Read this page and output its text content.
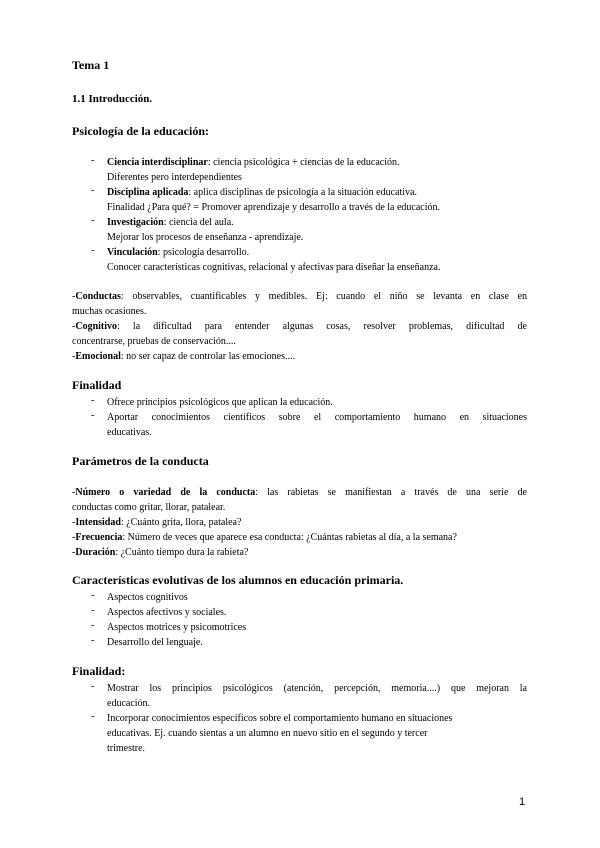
Tema 1
1.1 Introducción.
Psicología de la educación:
- Ciencia interdisciplinar: ciencia psicológica + ciencias de la educación.
Diferentes pero interdependientes
- Disciplina aplicada: aplica disciplinas de psicología a la situación educativa.
Finalidad ¿Para qué? = Promover aprendizaje y desarrollo a través de la educación.
- Investigación: ciencia del aula.
Mejorar los procesos de enseñanza - aprendizaje.
- Vinculación: psicología desarrollo.
Conocer características cognitivas, relacional y afectivas para diseñar la enseñanza.
-Conductas: observables, cuantificables y medibles. Ej: cuando el niño se levanta en clase en
muchas ocasiones.
-Cognitivo: la dificultad para entender algunas cosas, resolver problemas, dificultad de
concentrarse, pruebas de conservación....
-Emocional: no ser capaz de controlar las emociones....
Finalidad
- Ofrece principios psicológicos que aplican la educación.
- Aportar conocimientos científicos sobre el comportamiento humano en situaciones
educativas.
Parámetros de la conducta
-Número o variedad de la conducta: las rabietas se manifiestan a través de una serie de
conductas como gritar, llorar, patalear.
-Intensidad: ¿Cuánto grita, llora, patalea?
-Frecuencia: Número de veces que aparece esa conducta: ¿Cuántas rabietas al día, a la semana?
-Duración: ¿Cuánto tiempo dura la rabieta?
Características evolutivas de los alumnos en educación primaria.
- Aspectos cognitivos
- Aspectos afectivos y sociales.
- Aspectos motrices y psicomotrices
- Desarrollo del lenguaje.
Finalidad:
- Mostrar los principios psicológicos (atención, percepción, memoria....) que mejoran la
educación.
- Incorporar conocimientos específicos sobre el comportamiento humano en situaciones
educativas. Ej. cuando sientas a un alumno en nuevo sitio en el segundo y tercer
trimestre.
1
